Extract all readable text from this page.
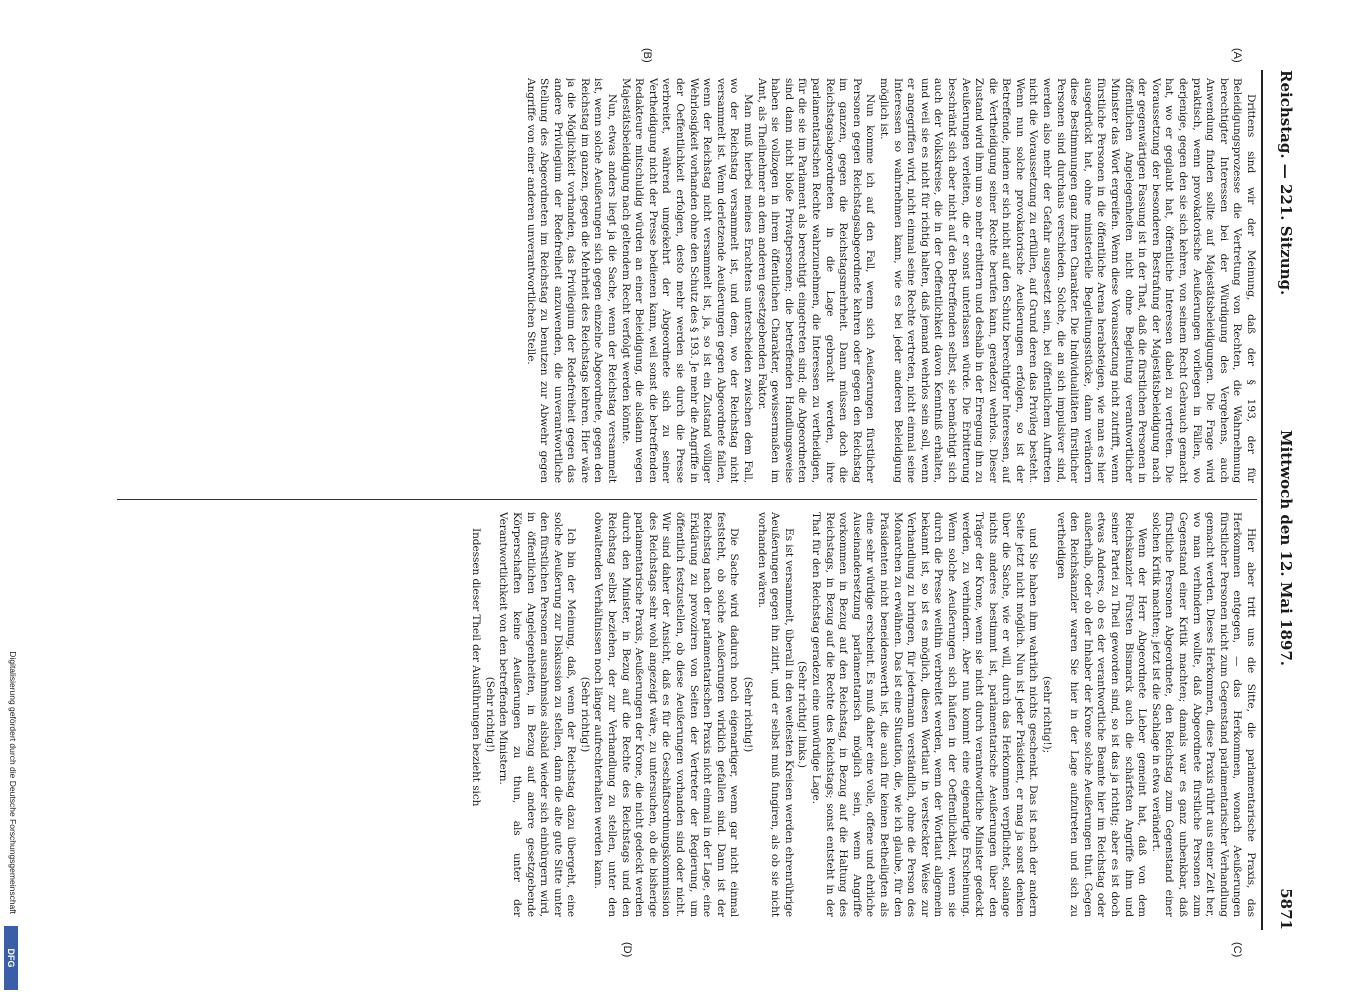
Reichstag. — 221. Sitzung.
Mittwoch den 12. Mai 1897.
5871
(A)
(B)
(C)
(D)

Drittens sind wir der Meinung, daß der § 193, der für Beleidigungsprozesse die Vertretung von Rechten, die Wahrnehmung berechtigter Interessen bei der Würdigung des Vergehens, auch Anwendung finden sollte auf Majestätsbeleidigungen. Die Frage wird praktisch, wenn provokatorische Aeußerungen vorliegen in Fällen, wo derjenige, gegen den sie sich kehren, von seinem Recht Gebrauch gemacht hat, wo er geglaubt hat, öffentliche Interessen dabei zu vertreten. Die Voraussetzung der besonderen Bestrafung der Majestätsbeleidigung nach der gegenwärtigen Fassung ist in der That, daß die fürstlichen Personen in öffentlichen Angelegenheiten nicht ohne Begleitung verantwortlicher Minister das Wort ergreifen. Wenn diese Voraussetzung nicht zutrifft, wenn fürstliche Personen in die öffentliche Arena herabsteigen, wie man es hier ausgedrückt hat, ohne ministerielle Begleitungsstücke, dann verändern diese Bestimmungen ganz ihren Charakter. Die Individualitäten fürstlicher Personen sind durchaus verschieden. Solche, die an sich impulsiver sind, werden also mehr der Gefahr ausgesetzt sein, bei öffentlichem Auftreten nicht die Voraussetzung zu erfüllen, auf Grund deren das Privileg besteht. Wenn nun solche provokatorische Aeußerungen erfolgen, so ist der Betreffende, indem er sich nicht auf den Schutz berechtigter Interessen, auf die Vertheidigung seiner Rechte berufen kann, geradezu wehrlos. Dieser Zustand wird ihm um so mehr erbittern und deshalb in der Erregung ihn zu Aeußerungen verleiten, die er sonst unterlassen würde. Die Erbitterung beschränkt sich aber nicht auf den Betreffenden selbst, sie bemächtigt sich auch der Volkskreise, die in der Oeffentlichkeit davon Kenntniß erhalten, und weil sie es nicht für richtig halten, daß jemand wehrlos sein soll, wenn er angegriffen wird, nicht einmal seine Rechte vertreten, nicht einmal seine Interessen so wahrnehmen kann, wie es bei jeder anderen Beleidigung möglich ist.

Nun komme ich auf den Fall, wenn sich Aeußerungen fürstlicher Personen gegen Reichstagsabgeordnete kehren oder gegen den Reichstag im ganzen, gegen die Reichstagsmehrheit. Dann müssen doch die Reichstagsabgeordneten in die Lage gebracht werden, ihre parlamentarischen Rechte wahrzunehmen, die Interessen zu vertheidigen, für die sie im Parlament als berechtigt eingetreten sind; die Abgeordneten sind dann nicht bloße Privatpersonen; die betreffenden Handlungsweise haben sie vollzogen in ihrem öffentlichen Charakter, gewissermaßen im Amt, als Theilnehmer an dem anderen gesetzgebenden Faktor.

Man muß hierbei meines Erachtens unterscheiden zwischen dem Fall, wo der Reichstag versammelt ist, und dem, wo der Reichstag nicht versammelt ist. Wenn derletzende Aeußerungen gegen Abgeordnete fallen, wenn der Reichstag nicht versammelt ist, ja, so ist ein Zustand völliger Wehrlosigkeit vorhanden ohne den Schutz des § 193. Je mehr die Angriffe in der Oeffentlichkeit erfolgen, desto mehr werden sie durch die Presse verbreitet, während umgekehrt der Abgeordnete sich zu seiner Vertheidigung nicht der Presse bedienen kann, weil sonst die betreffenden Redakteure mitschuldig würden an einer Beleidigung, die alsdann wegen Majestätsbeleidigung nach geltendem Recht verfolgt werden könnte.

Nun, etwas anders liegt ja die Sache, wenn der Reichstag versammelt ist, wenn solche Aeußerungen sich gegen einzelne Abgeordnete, gegen den Reichstag im ganzen, gegen die Mehrheit des Reichstags kehren. Hier wäre ja die Möglichkeit vorhanden, das Privilegium der Redefreiheit gegen das andere Privilegium der Redefreiheit anzuwenden, die unverantwortliche Stellung des Abgeordneten im Reichstag zu benutzen zur Abwehr gegen Angriffe von einer anderen unverantwortlichen Stelle.

Hier aber tritt uns die Sitte, die parlamentarische Praxis, das Herkommen entgegen, — das Herkommen, wonach Aeußerungen fürstlicher Personen nicht zum Gegenstand parlamentarischer Verhandlung gemacht werden. Dieses Herkommen, diese Praxis rührt aus einer Zeit her, wo man verhindern wollte, daß Abgeordnete fürstliche Personen zum Gegenstand einer Kritik machten; damals war es ganz unbenkbar, daß fürstliche Personen Abgeordnete, den Reichstag zum Gegenstand einer solchen Kritik machten; jetzt ist die Sachlage in etwa verändert.

Wenn der Herr Abgeordnete Lieber gemeint hat, daß von dem Reichskanzler Fürsten Bismarck auch die schärfsten Angriffe ihm und seiner Partei zu Theil geworden sind, so ist das ja richtig; aber es ist doch etwas Anderes, ob es der verantwortliche Beamte hier im Reichstag oder außerhalb, oder ob der Inhaber der Krone solche Aeußerungen thut. Gegen den Reichskanzler waren Sie hier in der Lage aufzutreten und sich zu vertheidigen

(sehr richtig!);

und Sie haben ihm wahrlich nichts geschenkt. Das ist nach der andern Seite jetzt nicht möglich. Nun ist jeder Präsident, er mag ja sonst denken über die Sache, wie er will, durch das Herkommen verpflichtet, solange nichts anderes bestimmt ist, parlamentarische Aeußerungen über den Träger der Krone, wenn sie nicht durch verantwortliche Minister gedeckt werden, zu verhindern. Aber nun kommt eine eigenartige Erscheinung. Wenn solche Aeußerungen sich häufen in der Oeffentlichkeit, wenn sie durch die Presse weithin verbreitet werden, wenn der Wortlaut allgemein bekannt ist, so ist es möglich, diesen Wortlaut in versteckter Weise zur Verhandlung zu bringen, für jedermann verständlich, ohne die Person des Monarchen zu erwähnen. Das ist eine Situation, die, wie ich glaube, für den Präsidenten nicht beneidenswerth ist, die auch für keinen Betheiligten als eine sehr würdige erscheint. Es muß daher eine volle, offene und ehrliche Auseinandersetzung parlamentarisch möglich sein, wenn Angriffe vorkommen in Bezug auf den Reichstag, in Bezug auf die Haltung des Reichstags, in Bezug auf die Rechte des Reichstags; sonst entsteht in der That für den Reichstag geradezu eine unwürdige Lage.

(Sehr richtig! links.)

Es ist versammelt, überall in den weitesten Kreisen werden ehrenrührige Aeußerungen gegen ihn zitirt, und er selbst muß fungiren, als ob sie nicht vorhanden wären.

(Sehr richtig!)

Die Sache wird dadurch noch eigenartiger, wenn gar nicht einmal feststeht, ob solche Aeußerungen wirklich gefallen sind. Dann ist der Reichstag nach der parlamentarischen Praxis nicht einmal in der Lage, eine Erklärung zu provoziren von Seiten der Vertreter der Regierung, um öffentlich festzustellen, ob diese Aeußerungen vorhanden sind oder nicht. Wir sind daher der Ansicht, daß es für die Geschäftsordnungskommission des Reichstags sehr wohl angezeigt wäre, zu untersuchen, ob die bisherige parlamentarische Praxis, Aeußerungen der Krone, die nicht gedeckt werden durch den Minister, in Bezug auf die Rechte des Reichstags und den Reichstag selbst beziehen, der zur Verhandlung zu stellen, unter den obwaltenden Verhältnissen noch länger aufrechterhalten werden kann.

(Sehr richtig!)

Ich bin der Meinung, daß, wenn der Reichstag dazu übergeht, eine solche Aeußerung zur Diskussion zu stellen, dann die alte gute Sitte unter den fürstlichen Personen ausnahmslos alsbald wieder sich einbürgern wird, in öffentlichen Angelegenheiten, in Bezug auf andere gesetzgebende Körperschaften keine Aeußerungen zu thun, als unter der Verantwortlichkeit von den betreffenden Ministern.

(Sehr richtig!)

Indessen dieser Theil der Ausführungen bezieht sich

Digitalisierung gefördert durch die Deutsche Forschungsgemeinschaft
DFG
